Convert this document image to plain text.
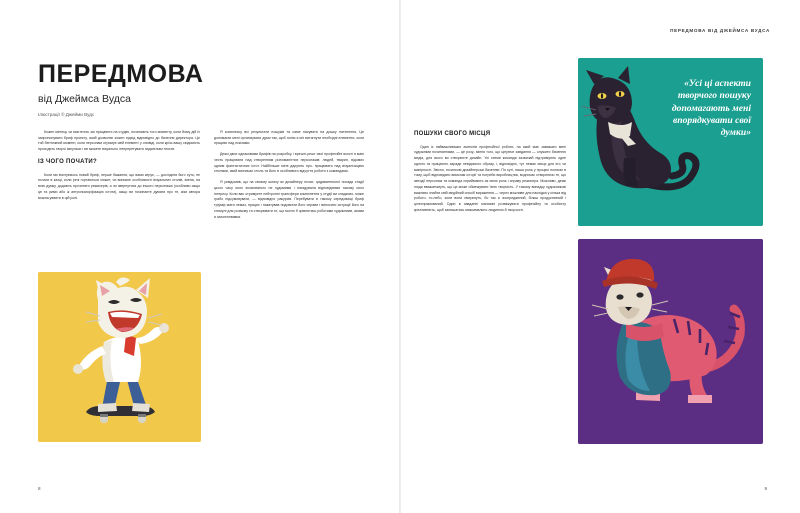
ПЕРЕДМОВА ВІД ДЖЕЙМСА ВУДСА
ПЕРЕДМОВА
від Джеймса Вудса
Ілюстрації © Джейми Вудс

Кожен митець чи мистечня, які працюють на студію, починають того моменту, коли йому дій їх запропонувати бриф проекту, який дозволяє кожен підхід відповідно до бачення директора. Це той бентежний момент, коли персонам отримує свій елемент у оповіді, коли крізь вашу свідомість проходять творчі імпульси і ви можете візуально інтерпретувати надані вам тексти.

ІЗ ЧОГО ПОЧАТИ?

Коли ми вчитуємось новий бриф, перше бажання, що вами керує, — дослідити його суть; не почати в казці, коли речі гортаються сюжет, чи виникне особливості візуальних стилів, імена, на мою думку, додають прочитати режисерів, а чи звернутися до іншого персонажа (особливо якщо це та рими або ж антропоморфізацію істоти), якщо ви починаєте думати про те, ким автора можна уявити в цій ролі.

Я комплексу всі результати пошуків та саме насувати на дошку натхнення. Це допомагає мені організувати думи так, щоб потім я міг витягнути необхідні елементи, коли працюю над ескізами.

Деякі двох однаковими брифів на розробку, і врешті-решт свої професійні якості я маю честь працювати над створенням різноманітних персонажів: людей, тварин, відомих одним фантастичних істот. Найбільше мені дарують про- працювати над візуалізацією стилями, який визначає стиль та його в особливого відчуття роботи з командами.

Я усвідомив, що на своєму шляху як дизайнеру почат- цядавательної посади стадії цього часу мого ескізованого не худомими і нагадувала відповідними такому мого інтересу. Коли вас отримуєте нейтронні трансфери компоненти у студії ви спадково, може грабо підсумовувати, — відповідно ракурсів. Перебувати в такому середовищі бриф тріумф мати лемаз, працях і накатував подовгати його справи і виносити ситуації його на стимулі для розмову та створювати те, що могло б зрівнятись роботами художників, якими я захоплювався.

ПОШУКИ СВОГО МІСЦЯ

Один із найважливіших аспектів професійної роботи, на який має заважати мені художніми починаннями, — це розу- міння того, що цінуюче завдання — служити баченню медіа, для якого ви створюєте дизайн. Усі схеми команди зазвичай підтримують одне одного та працюють заради невідомого образу, і, відповідно, тут немає місця для его чи манірності. Звісно, початкові дизайнерські баченню: По суті, наша роль у процесі полягає в тому, щоб відповідати вимогам історії та потреби виробництва, водночас створюючи те, що автодії персонаж та команда сприймають як свою роль і справу режисера. Можливо, деякі люди вважатимуть, що це може обмежувати їхню творчість. У такому випадку художникові важливо знайти свій медійний спосіб вираження — через можливе для наслідка у кілька від робото- то-небо, коли вони смеркнуть, бо так я зосереджений, більш продуктивний і цілеспрямований. Один в завданні магазині розміжувати професійну та особисту креативність, щоб залишатись максимально людиною й творчості.

«Усі ці аспекти творчого пошуку допомагають мені впорядкувати свої думки»
8	9
